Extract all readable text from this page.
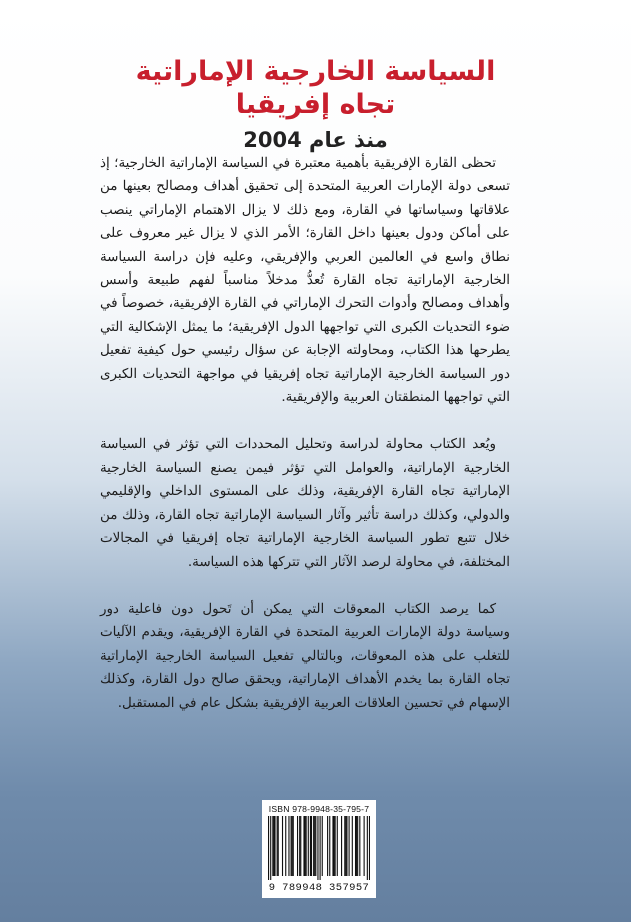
السياسة الخارجية الإماراتية
تجاه إفريقيا
منذ عام 2004

تحظى القارة الإفريقية بأهمية معتبرة في السياسة الإماراتية الخارجية؛ إذ تسعى دولة الإمارات العربية المتحدة إلى تحقيق أهداف ومصالح بعينها من علاقاتها وسياساتها في القارة، ومع ذلك لا يزال الاهتمام الإماراتي ينصب على أماكن ودول بعينها داخل القارة؛ الأمر الذي لا يزال غير معروف على نطاق واسع في العالمين العربي والإفريقي، وعليه فإن دراسة السياسة الخارجية الإماراتية تجاه القارة تُعدُّ مدخلاً مناسباً لفهم طبيعة وأسس وأهداف ومصالح وأدوات التحرك الإماراتي في القارة الإفريقية، خصوصاً في ضوء التحديات الكبرى التي تواجهها الدول الإفريقية؛ ما يمثل الإشكالية التي يطرحها هذا الكتاب، ومحاولته الإجابة عن سؤال رئيسي حول كيفية تفعيل دور السياسة الخارجية الإماراتية تجاه إفريقيا في مواجهة التحديات الكبرى التي تواجهها المنطقتان العربية والإفريقية.

ويُعد الكتاب محاولة لدراسة وتحليل المحددات التي تؤثر في السياسة الخارجية الإماراتية، والعوامل التي تؤثر فيمن يصنع السياسة الخارجية الإماراتية تجاه القارة الإفريقية، وذلك على المستوى الداخلي والإقليمي والدولي، وكذلك دراسة تأثير وآثار السياسة الإماراتية تجاه القارة، وذلك من خلال تتبع تطور السياسة الخارجية الإماراتية تجاه إفريقيا في المجالات المختلفة، في محاولة لرصد الآثار التي تتركها هذه السياسة.

كما يرصد الكتاب المعوقات التي يمكن أن تَحول دون فاعلية دور وسياسة دولة الإمارات العربية المتحدة في القارة الإفريقية، ويقدم الآليات للتغلب على هذه المعوقات، وبالتالي تفعيل السياسة الخارجية الإماراتية تجاه القارة بما يخدم الأهداف الإماراتية، ويحقق صالح دول القارة، وكذلك الإسهام في تحسين العلاقات العربية الإفريقية بشكل عام في المستقبل.

ISBN 978-9948-35-795-7
9 789948 357957
